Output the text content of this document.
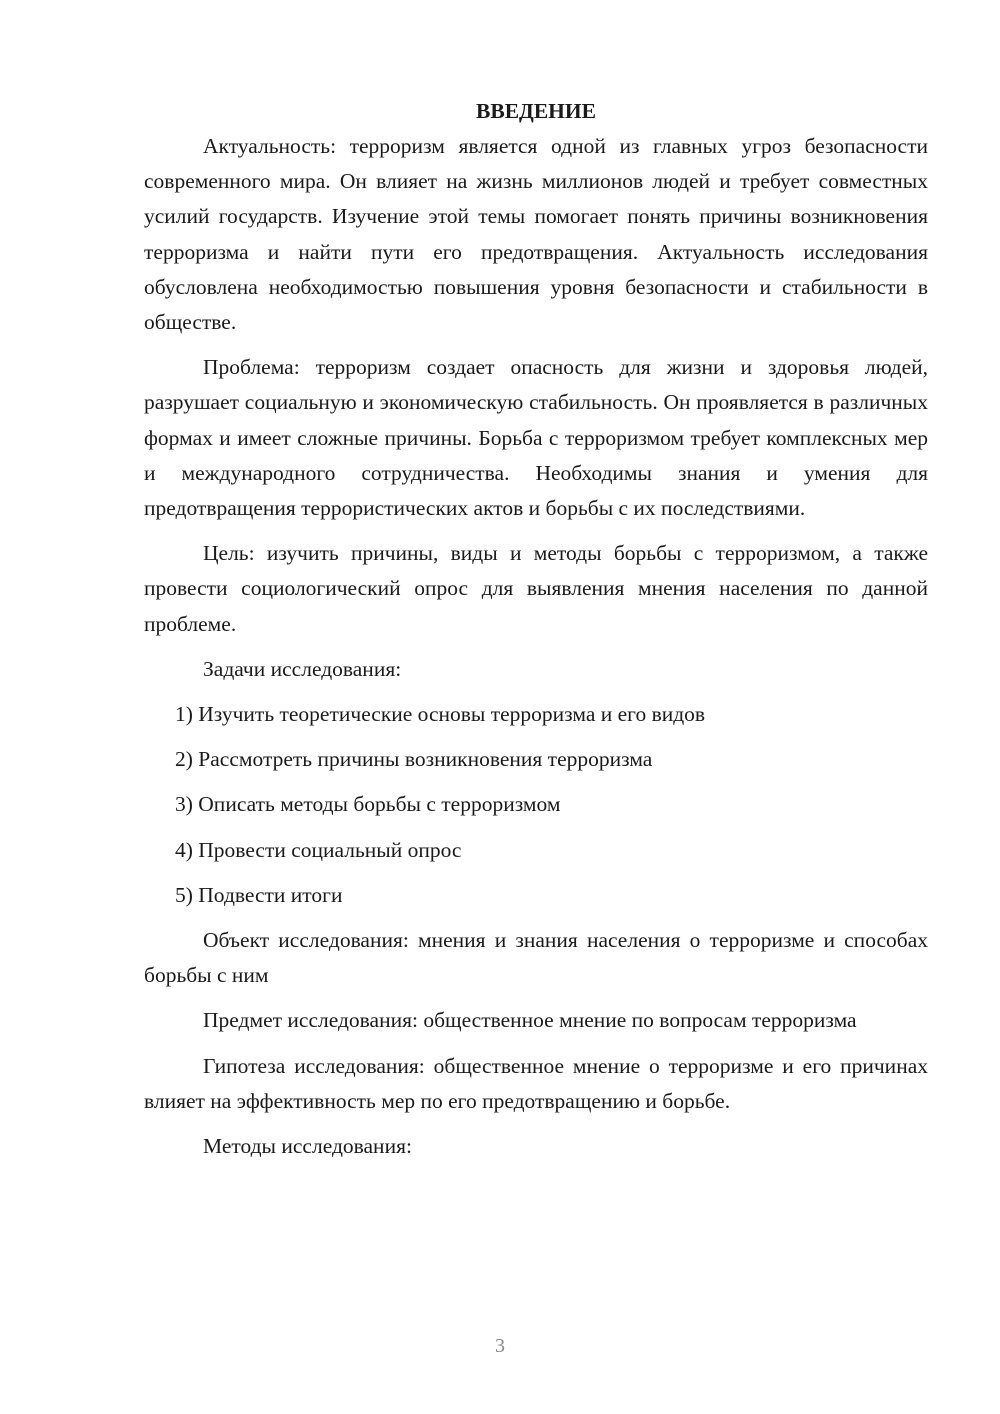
ВВЕДЕНИЕ

Актуальность: терроризм является одной из главных угроз безопасности современного мира. Он влияет на жизнь миллионов людей и требует совместных усилий государств. Изучение этой темы помогает понять причины возникновения терроризма и найти пути его предотвращения. Актуальность исследования обусловлена необходимостью повышения уровня безопасности и стабильности в обществе.

Проблема: терроризм создает опасность для жизни и здоровья людей, разрушает социальную и экономическую стабильность. Он проявляется в различных формах и имеет сложные причины. Борьба с терроризмом требует комплексных мер и международного сотрудничества. Необходимы знания и умения для предотвращения террористических актов и борьбы с их последствиями.

Цель: изучить причины, виды и методы борьбы с терроризмом, а также провести социологический опрос для выявления мнения населения по данной проблеме.

Задачи исследования:

1) Изучить теоретические основы терроризма и его видов

2) Рассмотреть причины возникновения терроризма

3) Описать методы борьбы с терроризмом

4) Провести социальный опрос

5) Подвести итоги

Объект исследования: мнения и знания населения о терроризме и способах борьбы с ним

Предмет исследования: общественное мнение по вопросам терроризма

Гипотеза исследования: общественное мнение о терроризме и его причинах влияет на эффективность мер по его предотвращению и борьбе.

Методы исследования:

3
